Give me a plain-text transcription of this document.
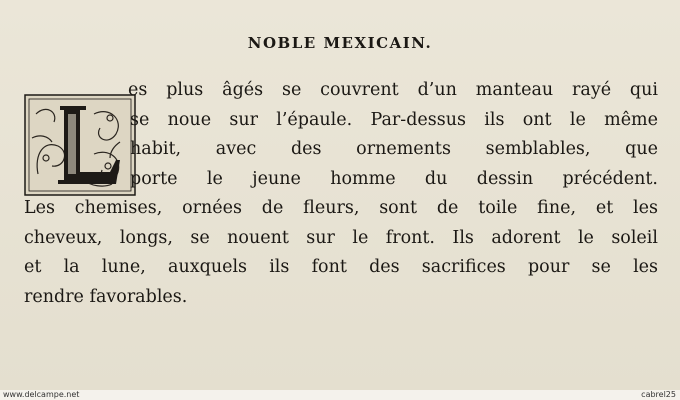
NOBLE MEXICAIN.
es plus âgés se couvrent d’un manteau rayé qui
se noue sur l’épaule. Par-dessus ils ont le même
habit, avec des ornements semblables, que
porte le jeune homme du dessin précédent.
Les chemises, ornées de fleurs, sont de toile fine, et les
cheveux, longs, se nouent sur le front. Ils adorent le soleil
et la lune, auxquels ils font des sacrifices pour se les
rendre favorables.
www.delcampe.net	cabrel25
